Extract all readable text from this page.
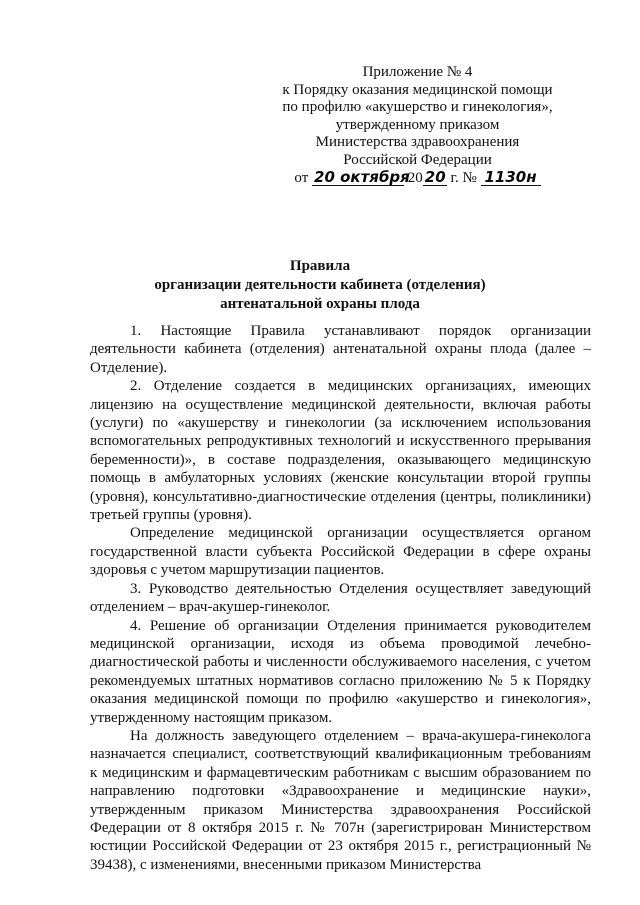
Приложение № 4
к Порядку оказания медицинской помощи
по профилю «акушерство и гинекология»,
утвержденному приказом
Министерства здравоохранения
Российской Федерации
от 20 октября 20 20 г. № 1130н
Правила
организации деятельности кабинета (отделения)
антенатальной охраны плода

1. Настоящие Правила устанавливают порядок организации деятельности кабинета (отделения) антенатальной охраны плода (далее – Отделение).

2. Отделение создается в медицинских организациях, имеющих лицензию на осуществление медицинской деятельности, включая работы (услуги) по «акушерству и гинекологии (за исключением использования вспомогательных репродуктивных технологий и искусственного прерывания беременности)», в составе подразделения, оказывающего медицинскую помощь в амбулаторных условиях (женские консультации второй группы (уровня), консультативно-диагностические отделения (центры, поликлиники) третьей группы (уровня).

Определение медицинской организации осуществляется органом государственной власти субъекта Российской Федерации в сфере охраны здоровья с учетом маршрутизации пациентов.

3. Руководство деятельностью Отделения осуществляет заведующий отделением – врач-акушер-гинеколог.

4. Решение об организации Отделения принимается руководителем медицинской организации, исходя из объема проводимой лечебно-диагностической работы и численности обслуживаемого населения, с учетом рекомендуемых штатных нормативов согласно приложению № 5 к Порядку оказания медицинской помощи по профилю «акушерство и гинекология», утвержденному настоящим приказом.

На должность заведующего отделением – врача-акушера-гинеколога назначается специалист, соответствующий квалификационным требованиям к медицинским и фармацевтическим работникам с высшим образованием по направлению подготовки «Здравоохранение и медицинские науки», утвержденным приказом Министерства здравоохранения Российской Федерации от 8 октября 2015 г. № 707н (зарегистрирован Министерством юстиции Российской Федерации от 23 октября 2015 г., регистрационный № 39438), с изменениями, внесенными приказом Министерства
